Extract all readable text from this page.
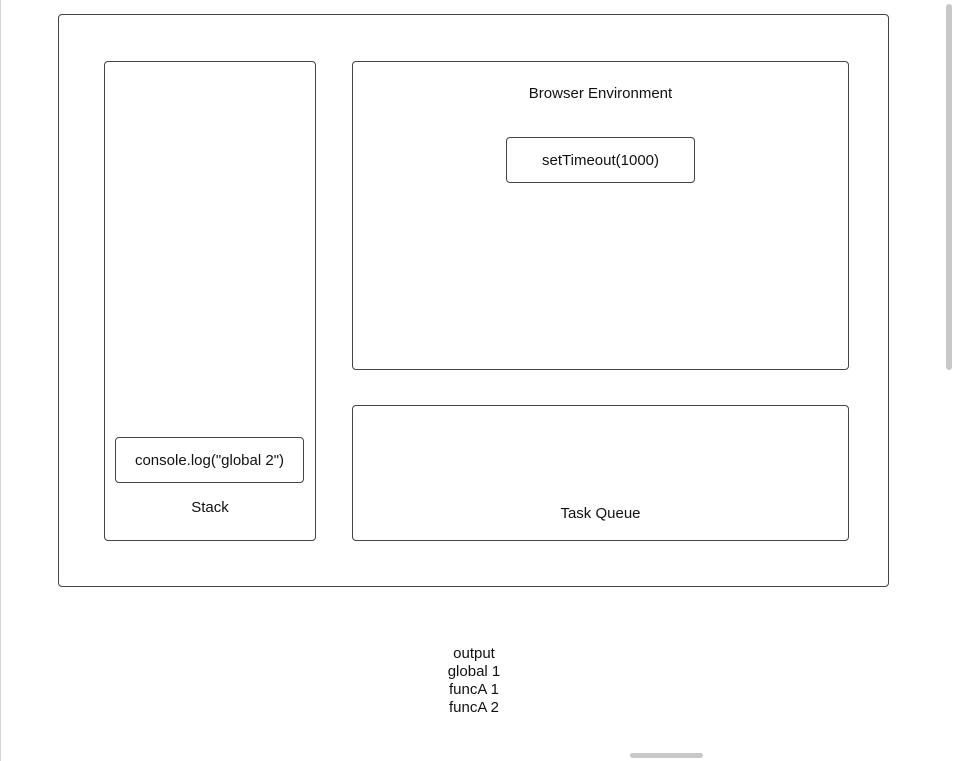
console.log("global 2")
Stack
Browser Environment
setTimeout(1000)
Task Queue
output
global 1
funcA 1
funcA 2
